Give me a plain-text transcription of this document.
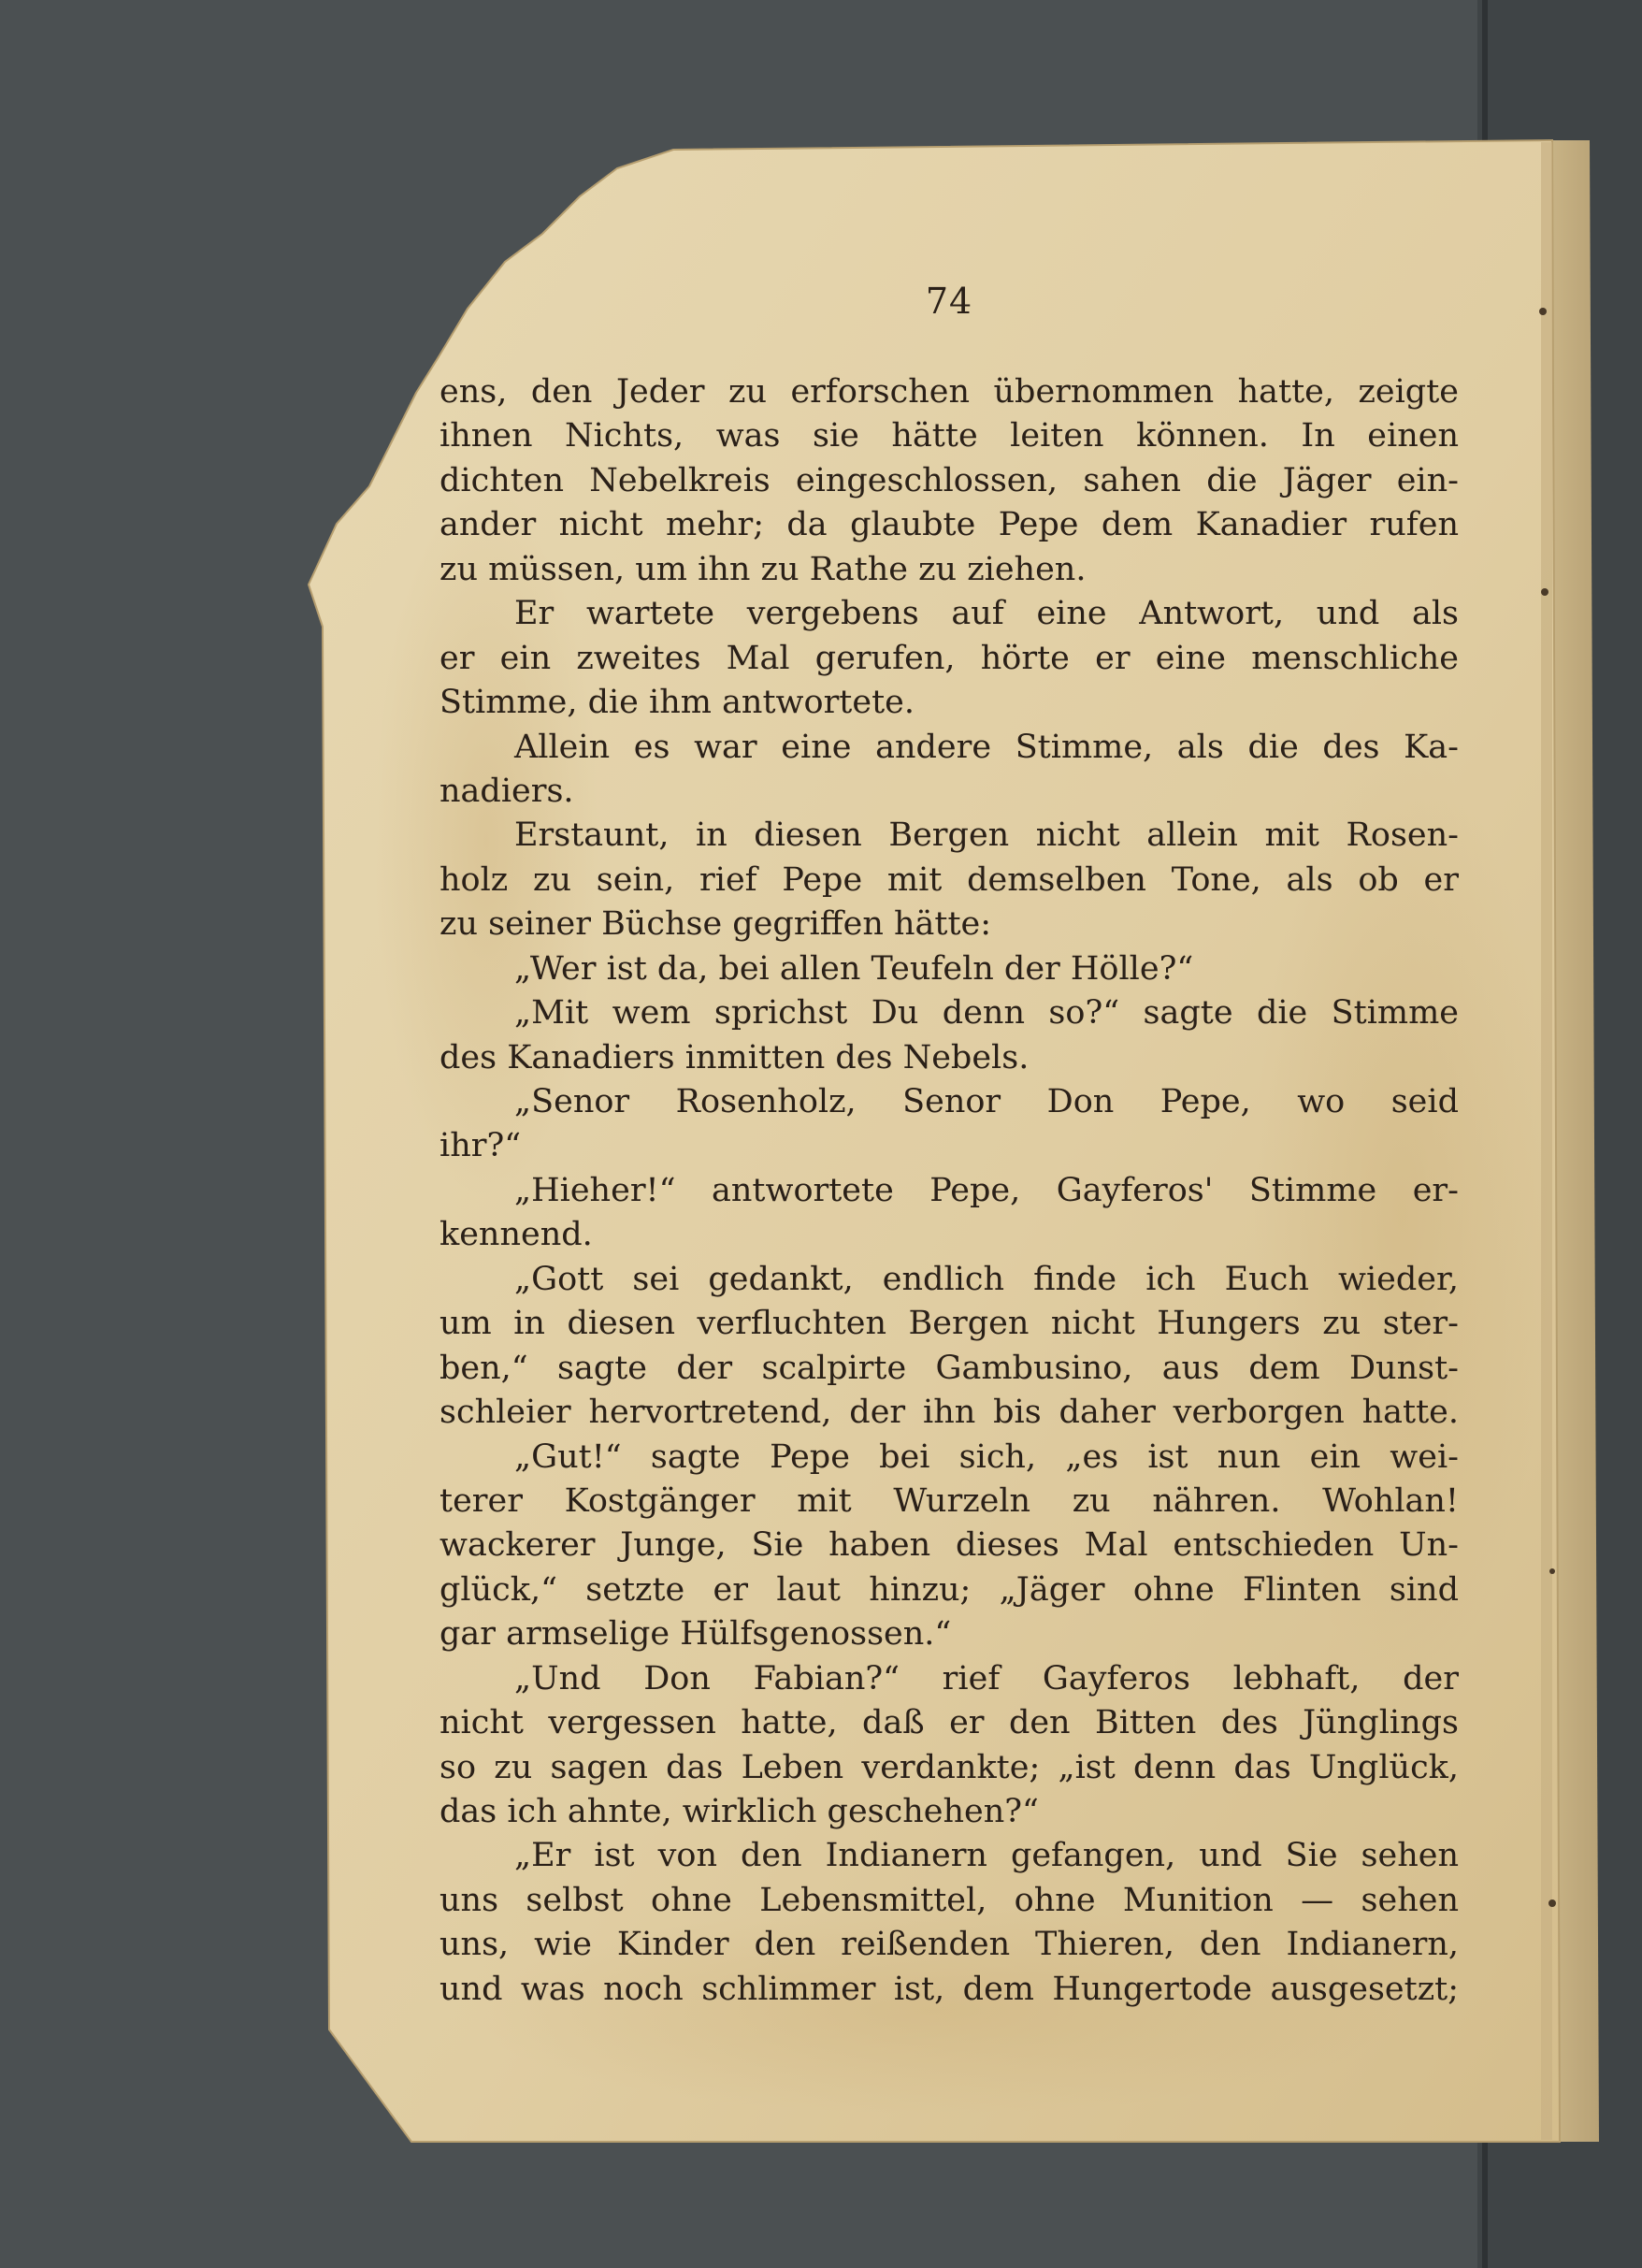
74
ens, den Jeder zu erforschen übernommen hatte, zeigte
ihnen Nichts, was sie hätte leiten können. In einen
dichten Nebelkreis eingeschlossen, sahen die Jäger ein-
ander nicht mehr; da glaubte Pepe dem Kanadier rufen
zu müssen, um ihn zu Rathe zu ziehen.
Er wartete vergebens auf eine Antwort, und als
er ein zweites Mal gerufen, hörte er eine menschliche
Stimme, die ihm antwortete.
Allein es war eine andere Stimme, als die des Ka-
nadiers.
Erstaunt, in diesen Bergen nicht allein mit Rosen-
holz zu sein, rief Pepe mit demselben Tone, als ob er
zu seiner Büchse gegriffen hätte:
„Wer ist da, bei allen Teufeln der Hölle?“
„Mit wem sprichst Du denn so?“ sagte die Stimme
des Kanadiers inmitten des Nebels.
„Senor Rosenholz, Senor Don Pepe, wo seid
ihr?“
„Hieher!“ antwortete Pepe, Gayferos' Stimme er-
kennend.
„Gott sei gedankt, endlich finde ich Euch wieder,
um in diesen verfluchten Bergen nicht Hungers zu ster-
ben,“ sagte der scalpirte Gambusino, aus dem Dunst-
schleier hervortretend, der ihn bis daher verborgen hatte.
„Gut!“ sagte Pepe bei sich, „es ist nun ein wei-
terer Kostgänger mit Wurzeln zu nähren. Wohlan!
wackerer Junge, Sie haben dieses Mal entschieden Un-
glück,“ setzte er laut hinzu; „Jäger ohne Flinten sind
gar armselige Hülfsgenossen.“
„Und Don Fabian?“ rief Gayferos lebhaft, der
nicht vergessen hatte, daß er den Bitten des Jünglings
so zu sagen das Leben verdankte; „ist denn das Unglück,
das ich ahnte, wirklich geschehen?“
„Er ist von den Indianern gefangen, und Sie sehen
uns selbst ohne Lebensmittel, ohne Munition — sehen
uns, wie Kinder den reißenden Thieren, den Indianern,
und was noch schlimmer ist, dem Hungertode ausgesetzt;
